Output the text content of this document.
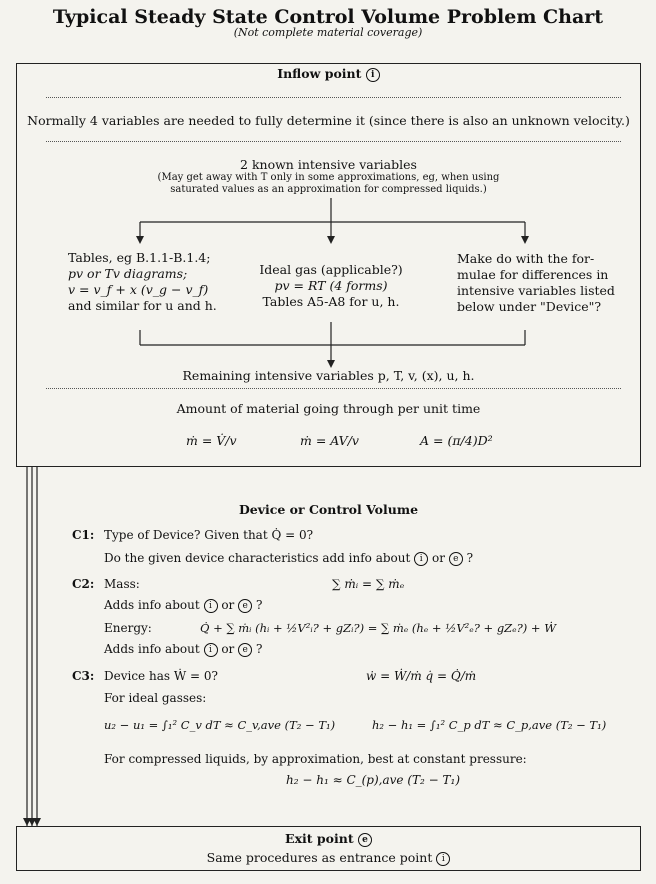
Typical Steady State Control Volume Problem Chart
(Not complete material coverage)
Inflow point i
Normally 4 variables are needed to fully determine it (since there is also an unknown velocity.)
2 known intensive variables
(May get away with T only in some approximations, eg, when using
saturated values as an approximation for compressed liquids.)
Tables, eg B.1.1-B.1.4;
pv or Tv diagrams;
v = v_f + x (v_g − v_f)
and similar for u and h.
Ideal gas (applicable?)
pv = RT (4 forms)
Tables A5-A8 for u, h.
Make do with the for-
mulae for differences in
intensive variables listed
below under "Device"?
Remaining intensive variables p, T, v, (x), u, h.
Amount of material going through per unit time
ṁ = V̇/v	ṁ = AV/v	A = (π/4)D²
Device or Control Volume
C1: Type of Device? Given that Q̇ = 0?
Do the given device characteristics add info about i or e ?
C2: Mass:	∑ ṁᵢ = ∑ ṁₑ
Adds info about i or e ?
Energy:	Q̇ + ∑ ṁᵢ (hᵢ + ½V²ᵢ? + gZᵢ?) = ∑ ṁₑ (hₑ + ½V²ₑ? + gZₑ?) + Ẇ
Adds info about i or e ?
C3: Device has Ẇ = 0?	ẇ = Ẇ/ṁ q̇ = Q̇/ṁ
For ideal gasses:
u₂ − u₁ = ∫₁² C_v dT ≈ C_v,ave (T₂ − T₁)	h₂ − h₁ = ∫₁² C_p dT ≈ C_p,ave (T₂ − T₁)
For compressed liquids, by approximation, best at constant pressure:
h₂ − h₁ ≈ C_(p),ave (T₂ − T₁)
Exit point e
Same procedures as entrance point i
